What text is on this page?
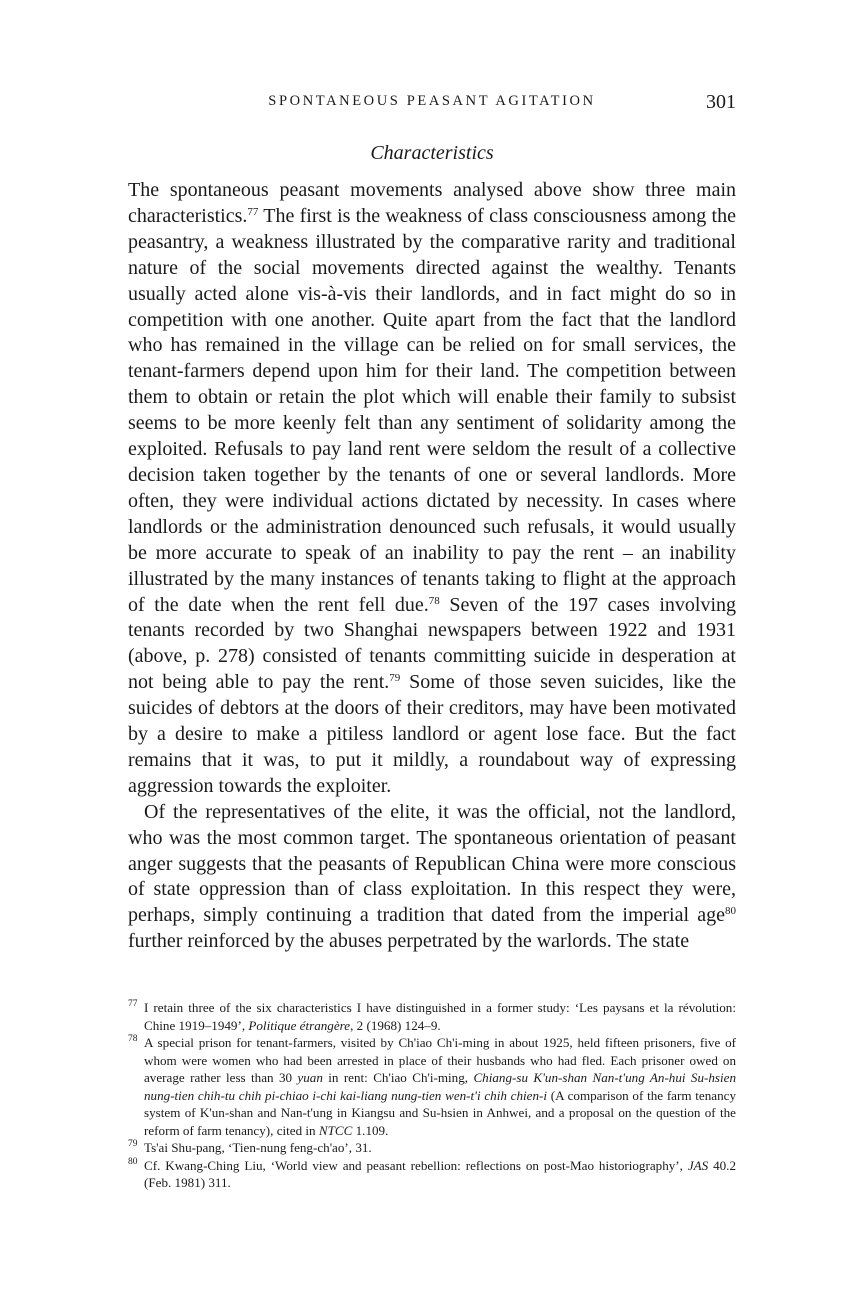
SPONTANEOUS PEASANT AGITATION	301
Characteristics

The spontaneous peasant movements analysed above show three main characteristics.$^{77}$ The first is the weakness of class consciousness among the peasantry, a weakness illustrated by the comparative rarity and traditional nature of the social movements directed against the wealthy. Tenants usually acted alone vis-à-vis their landlords, and in fact might do so in competition with one another. Quite apart from the fact that the landlord who has remained in the village can be relied on for small services, the tenant-farmers depend upon him for their land. The competition between them to obtain or retain the plot which will enable their family to subsist seems to be more keenly felt than any sentiment of solidarity among the exploited. Refusals to pay land rent were seldom the result of a collective decision taken together by the tenants of one or several landlords. More often, they were individual actions dictated by necessity. In cases where landlords or the administration denounced such refusals, it would usually be more accurate to speak of an inability to pay the rent – an inability illustrated by the many instances of tenants taking to flight at the approach of the date when the rent fell due.$^{78}$ Seven of the 197 cases involving tenants recorded by two Shanghai newspapers between 1922 and 1931 (above, p. 278) consisted of tenants committing suicide in desperation at not being able to pay the rent.$^{79}$ Some of those seven suicides, like the suicides of debtors at the doors of their creditors, may have been motivated by a desire to make a pitiless landlord or agent lose face. But the fact remains that it was, to put it mildly, a roundabout way of expressing aggression towards the exploiter.

Of the representatives of the elite, it was the official, not the landlord, who was the most common target. The spontaneous orientation of peasant anger suggests that the peasants of Republican China were more conscious of state oppression than of class exploitation. In this respect they were, perhaps, simply continuing a tradition that dated from the imperial age$^{80}$ further reinforced by the abuses perpetrated by the warlords. The state

77 I retain three of the six characteristics I have distinguished in a former study: ‘Les paysans et la révolution: Chine 1919–1949’, Politique étrangère, 2 (1968) 124–9.
78 A special prison for tenant-farmers, visited by Ch'iao Ch'i-ming in about 1925, held fifteen prisoners, five of whom were women who had been arrested in place of their husbands who had fled. Each prisoner owed on average rather less than 30 yuan in rent: Ch'iao Ch'i-ming, Chiang-su K'un-shan Nan-t'ung An-hui Su-hsien nung-tien chih-tu chih pi-chiao i-chi kai-liang nung-tien wen-t'i chih chien-i (A comparison of the farm tenancy system of K'un-shan and Nan-t'ung in Kiangsu and Su-hsien in Anhwei, and a proposal on the question of the reform of farm tenancy), cited in NTCC 1.109.
79 Ts'ai Shu-pang, ‘Tien-nung feng-ch'ao’, 31.
80 Cf. Kwang-Ching Liu, ‘World view and peasant rebellion: reflections on post-Mao historiography’, JAS 40.2 (Feb. 1981) 311.
